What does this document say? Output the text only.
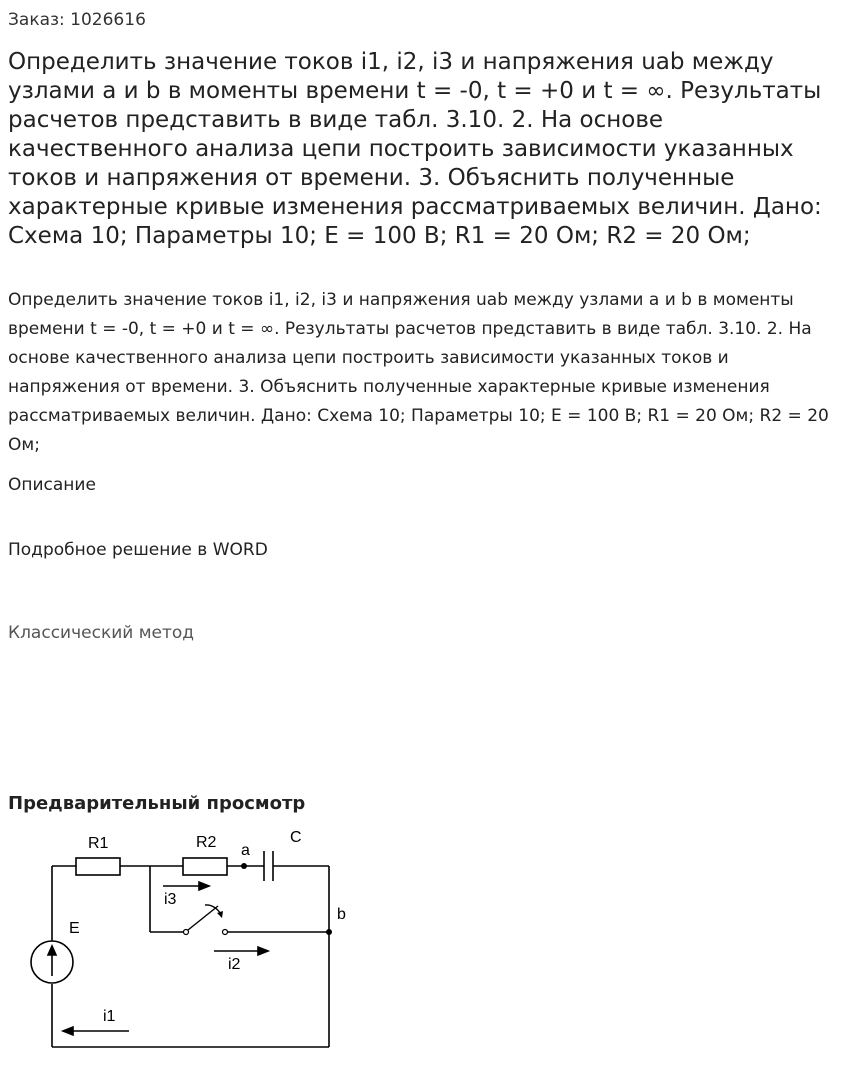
Заказ: 1026616
Определить значение токов i1, i2, i3 и напряжения uab между узлами a и b в моменты времени t = -0, t = +0 и t = ∞. Результаты расчетов представить в виде табл. 3.10. 2. На основе качественного анализа цепи построить зависимости указанных токов и напряжения от времени. 3. Объяснить полученные характерные кривые изменения рассматриваемых величин. Дано: Схема 10; Параметры 10; E = 100 В; R1 = 20 Ом; R2 = 20 Ом;

Определить значение токов i1, i2, i3 и напряжения uab между узлами a и b в моменты времени t = -0, t = +0 и t = ∞. Результаты расчетов представить в виде табл. 3.10. 2. На основе качественного анализа цепи построить зависимости указанных токов и напряжения от времени. 3. Объяснить полученные характерные кривые изменения рассматриваемых величин. Дано: Схема 10; Параметры 10; E = 100 В; R1 = 20 Ом; R2 = 20 Ом;

Описание
Подробное решение в WORD
Классический метод
Предварительный просмотр
R1	R2	C
a
b
E
i3
i2
i1
